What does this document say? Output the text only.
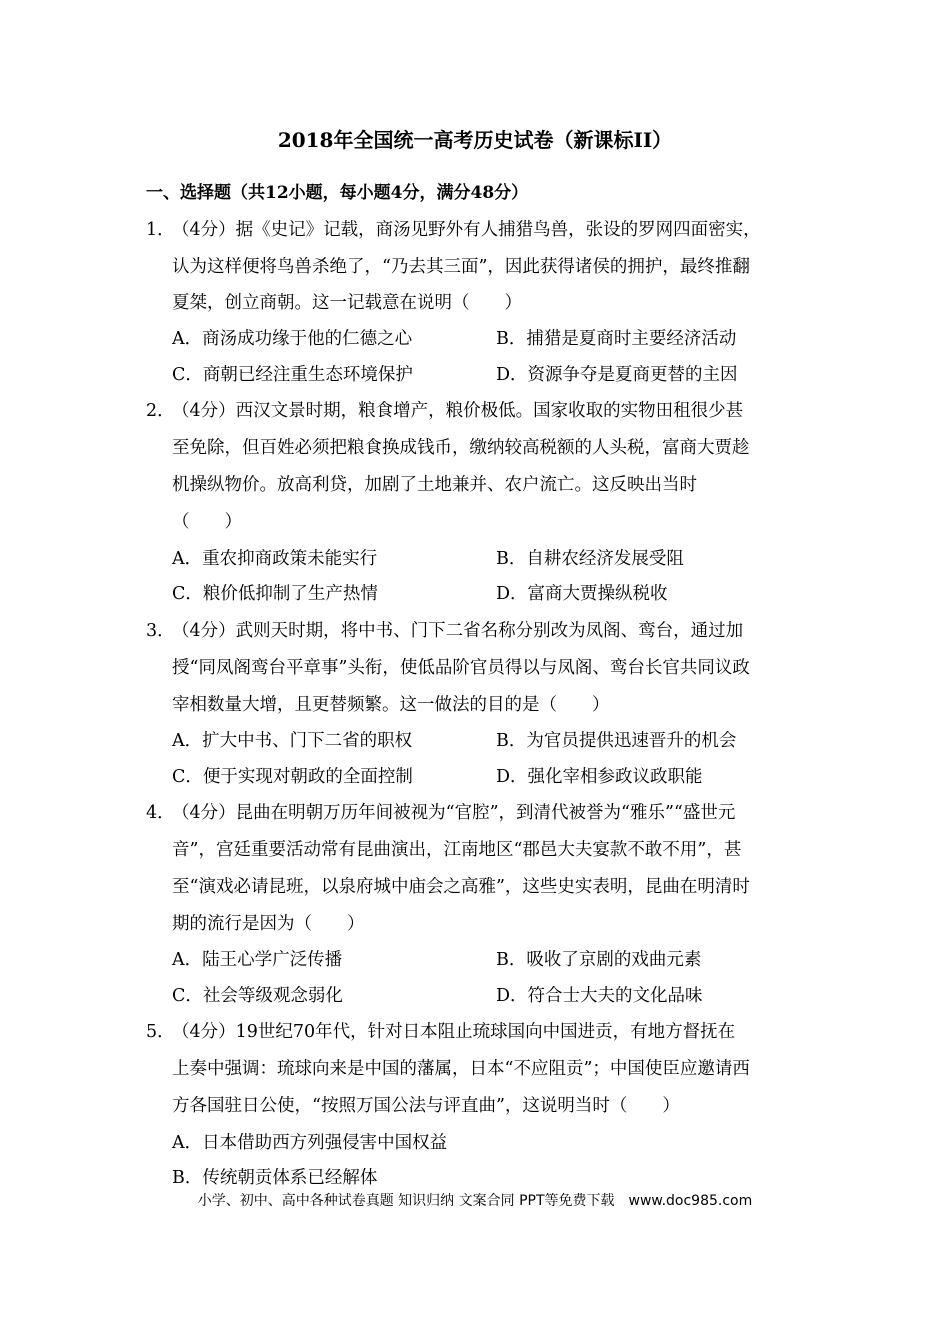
2018年全国统一高考历史试卷（新课标II）
一、选择题（共12小题，每小题4分，满分48分）
1．
（4分）据《史记》记载，商汤见野外有人捕猎鸟兽，张设的罗网四面密实，
认为这样便将鸟兽杀绝了，“乃去其三面”，因此获得诸侯的拥护，最终推翻
夏桀，创立商朝。这一记载意在说明（　　）
A．商汤成功缘于他的仁德之心	B．捕猎是夏商时主要经济活动
C．商朝已经注重生态环境保护	D．资源争夺是夏商更替的主因
2．
（4分）西汉文景时期，粮食增产，粮价极低。国家收取的实物田租很少甚
至免除，但百姓必须把粮食换成钱币，缴纳较高税额的人头税，富商大贾趁
机操纵物价。放高利贷，加剧了土地兼并、农户流亡。这反映出当时
（　　）
A．重农抑商政策未能实行	B．自耕农经济发展受阻
C．粮价低抑制了生产热情	D．富商大贾操纵税收
3．
（4分）武则天时期，将中书、门下二省名称分别改为凤阁、鸾台，通过加
授“同凤阁鸾台平章事”头衔，使低品阶官员得以与凤阁、鸾台长官共同议政
宰相数量大增，且更替频繁。这一做法的目的是（　　）
A．扩大中书、门下二省的职权	B．为官员提供迅速晋升的机会
C．便于实现对朝政的全面控制	D．强化宰相参政议政职能
4．
（4分）昆曲在明朝万历年间被视为“官腔”，到清代被誉为“雅乐”“盛世元
音”，宫廷重要活动常有昆曲演出，江南地区“郡邑大夫宴款不敢不用”，甚
至“演戏必请昆班，以泉府城中庙会之高雅”，这些史实表明，昆曲在明清时
期的流行是因为（　　）
A．陆王心学广泛传播	B．吸收了京剧的戏曲元素
C．社会等级观念弱化	D．符合士大夫的文化品味
5．
（4分）19世纪70年代，针对日本阻止琉球国向中国进贡，有地方督抚在
上奏中强调：琉球向来是中国的藩属，日本“不应阻贡”；中国使臣应邀请西
方各国驻日公使，“按照万国公法与评直曲”，这说明当时（　　）
A．日本借助西方列强侵害中国权益
B．传统朝贡体系已经解体
小学、初中、高中各种试卷真题 知识归纳 文案合同 PPT等免费下载　www.doc985.com
